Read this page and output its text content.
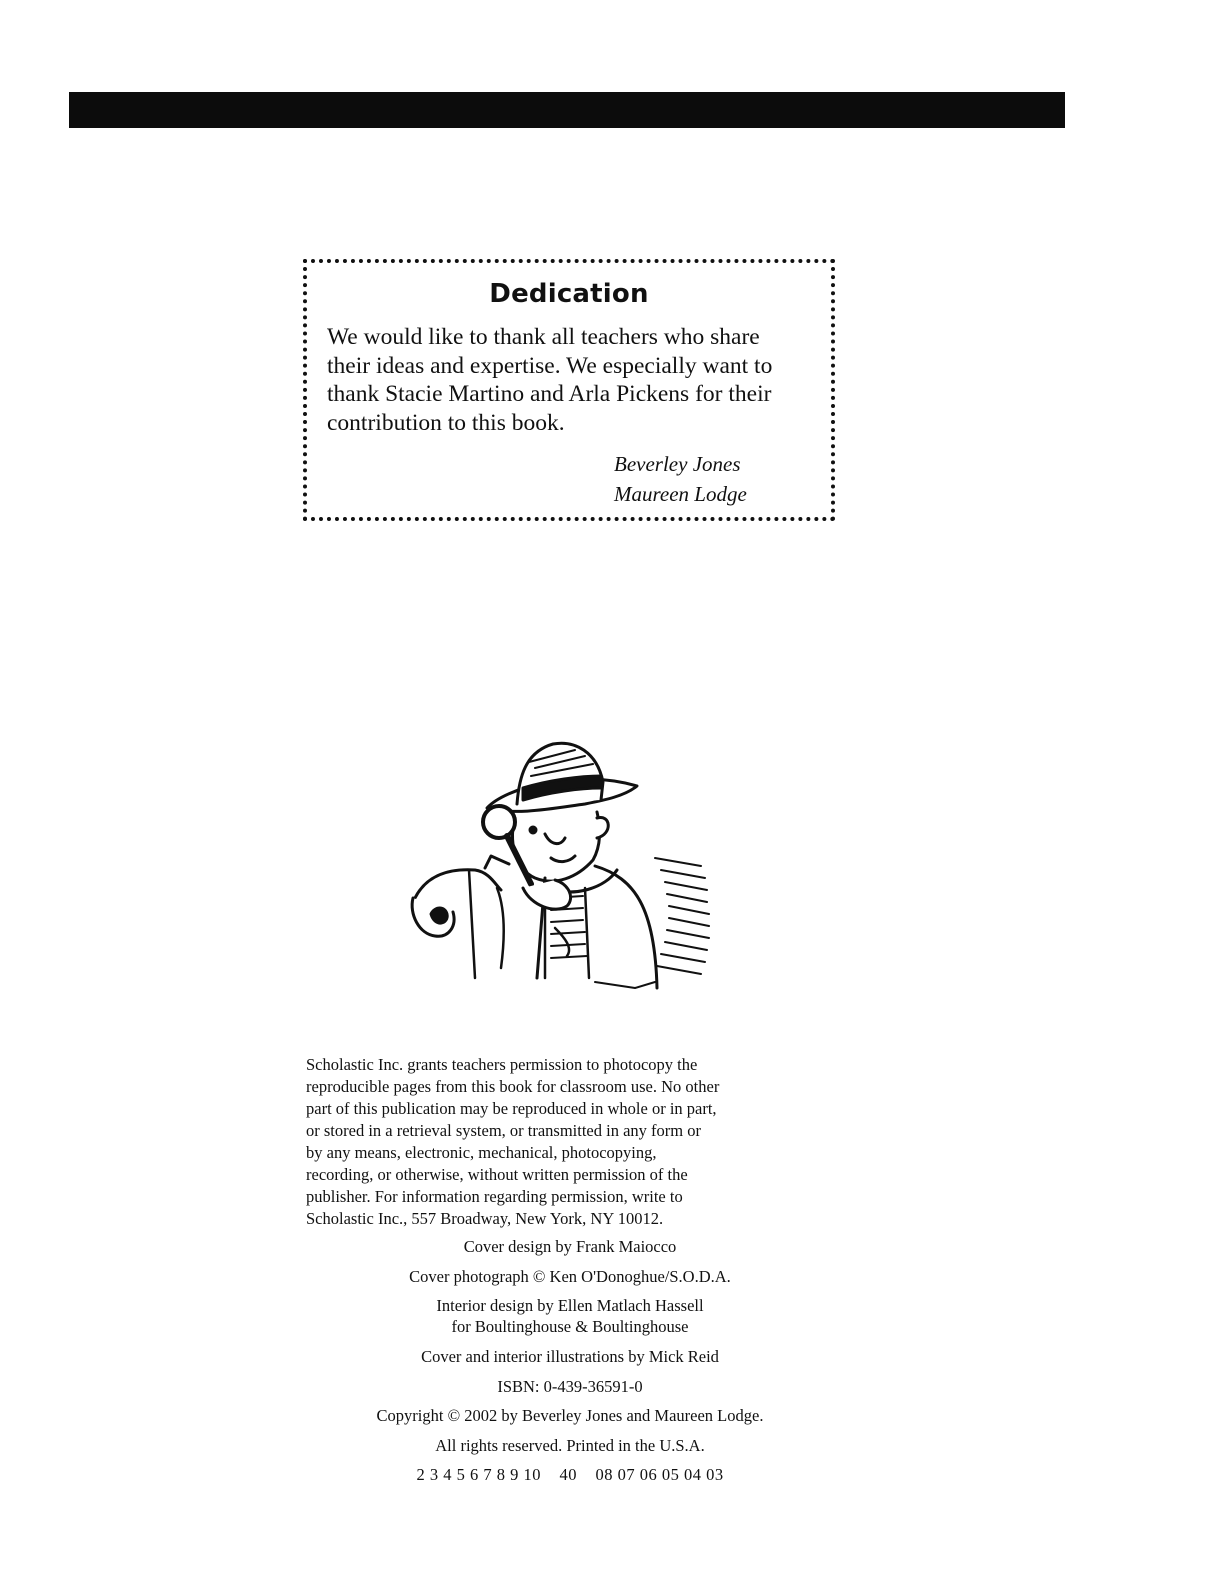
Dedication
We would like to thank all teachers who share
their ideas and expertise. We especially want to
thank Stacie Martino and Arla Pickens for their
contribution to this book.
Beverley Jones
Maureen Lodge
Scholastic Inc. grants teachers permission to photocopy the
reproducible pages from this book for classroom use. No other
part of this publication may be reproduced in whole or in part,
or stored in a retrieval system, or transmitted in any form or
by any means, electronic, mechanical, photocopying,
recording, or otherwise, without written permission of the
publisher. For information regarding permission, write to
Scholastic Inc., 557 Broadway, New York, NY 10012.
Cover design by Frank Maiocco
Cover photograph © Ken O'Donoghue/S.O.D.A.
Interior design by Ellen Matlach Hassell
for Boultinghouse & Boultinghouse
Cover and interior illustrations by Mick Reid
ISBN: 0-439-36591-0
Copyright © 2002 by Beverley Jones and Maureen Lodge.
All rights reserved. Printed in the U.S.A.
2 3 4 5 6 7 8 9 10    40    08 07 06 05 04 03
